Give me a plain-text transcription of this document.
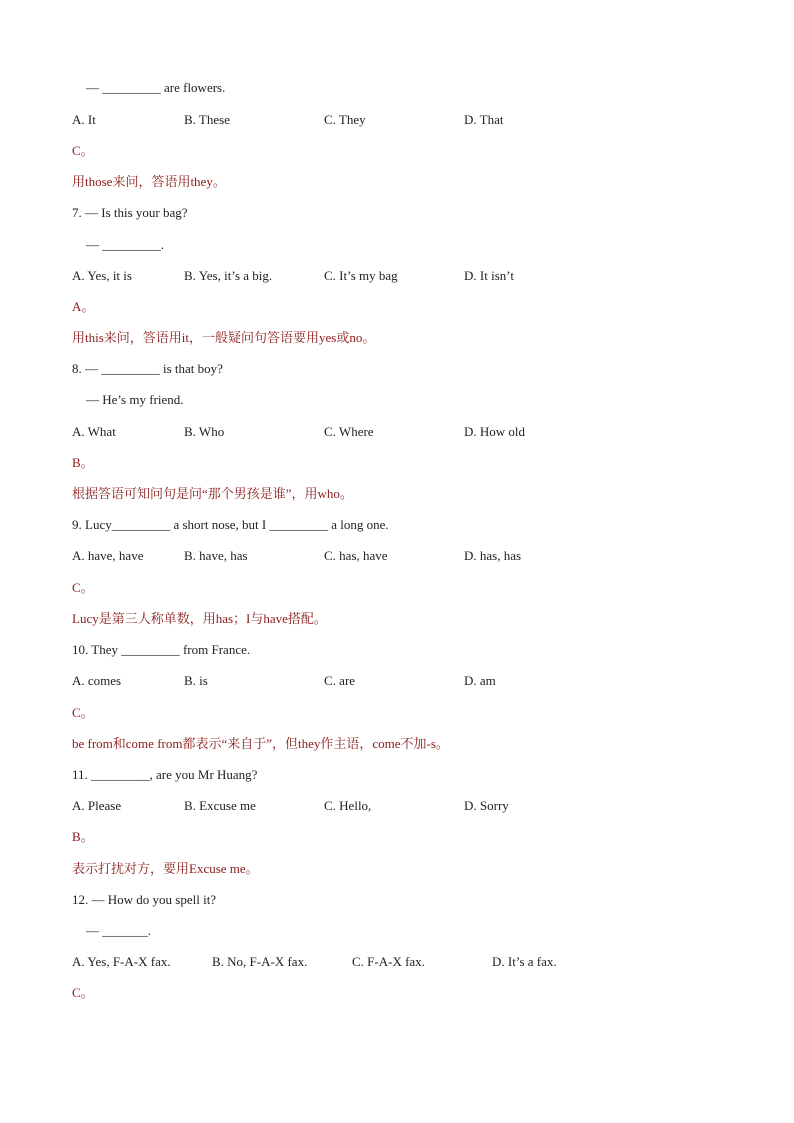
— _________ are flowers.
A. It	B. These	C. They	D. That
C。
用those来问，答语用they。
7. — Is this your bag?
— _________.
A. Yes, it is	B. Yes, it’s a big.	C. It’s my bag	D. It isn’t
A。
用this来问，答语用it，一般疑问句答语要用yes或no。
8. — _________ is that boy?
— He’s my friend.
A. What	B. Who	C. Where	D. How old
B。
根据答语可知问句是问“那个男孩是谁”，用who。
9. Lucy_________ a short nose, but I _________ a long one.
A. have, have	B. have, has	C. has, have	D. has, has
C。
Lucy是第三人称单数，用has；I与have搭配。
10. They _________ from France.
A. comes	B. is	C. are	D. am
C。
be from和come from都表示“来自于”，但they作主语，come不加-s。
11. _________, are you Mr Huang?
A. Please	B. Excuse me	C. Hello,	D. Sorry
B。
表示打扰对方，要用Excuse me。
12. — How do you spell it?
— _______.
A. Yes, F-A-X fax.	B. No, F-A-X fax.	C. F-A-X fax.	D. It’s a fax.
C。
